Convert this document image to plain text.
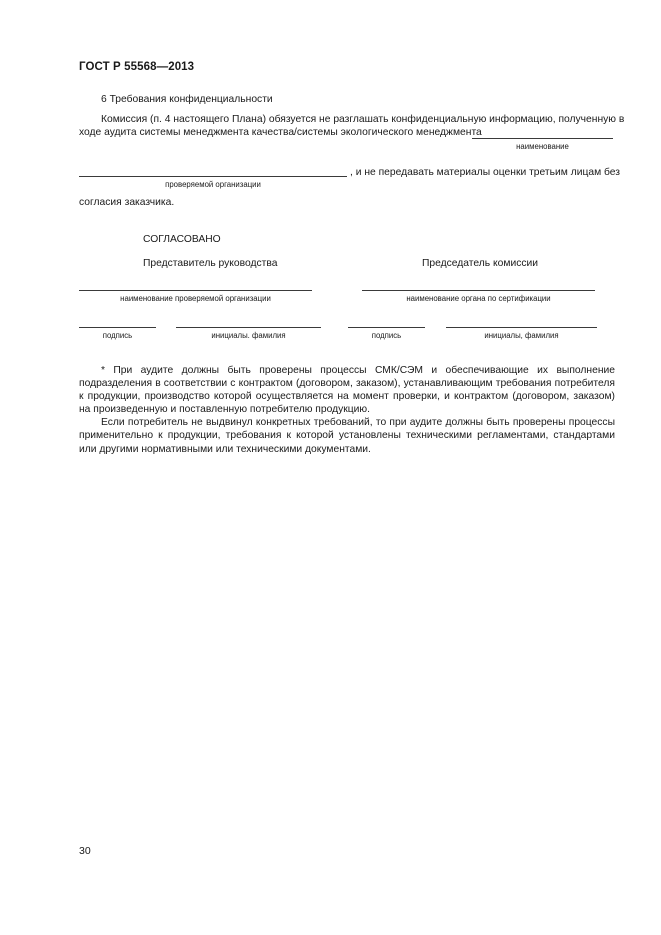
ГОСТ Р 55568—2013
6 Требования конфиденциальности
Комиссия (п. 4 настоящего Плана) обязуется не разглашать конфиденциальную информацию, полученную в
ходе аудита системы менеджмента качества/системы экологического менеджмента
наименование
, и не передавать материалы оценки третьим лицам без
проверяемой организации
согласия заказчика.
СОГЛАСОВАНО
Представитель руководства	Председатель комиссии
наименование проверяемой организации	наименование органа по сертификации
подпись	инициалы. фамилия	подпись	инициалы, фамилия

* При аудите должны быть проверены процессы СМК/СЭМ и обеспечивающие их выполнение подразделения в соответствии с контрактом (договором, заказом), устанавливающим требования потребителя к продукции, производство которой осуществляется на момент проверки, и контрактом (договором, заказом) на произведенную и поставленную потребителю продукцию.

Если потребитель не выдвинул конкретных требований, то при аудите должны быть проверены процессы применительно к продукции, требования к которой установлены техническими регламентами, стандартами или другими нормативными или техническими документами.

30
